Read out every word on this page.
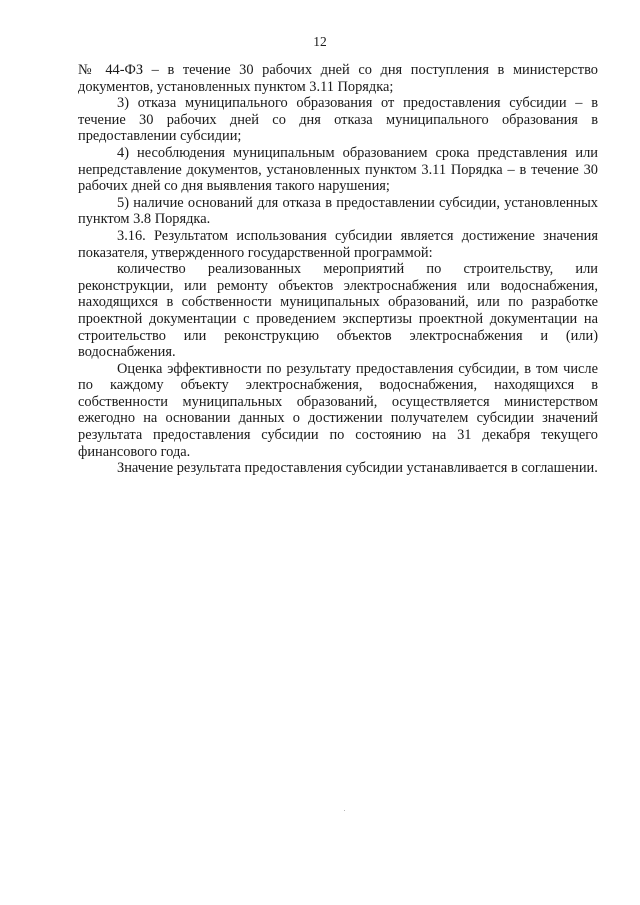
12

№ 44-ФЗ – в течение 30 рабочих дней со дня поступления в министерство документов, установленных пунктом 3.11 Порядка;

3) отказа муниципального образования от предоставления субсидии – в течение 30 рабочих дней со дня отказа муниципального образования в предоставлении субсидии;

4) несоблюдения муниципальным образованием срока представления или непредставление документов, установленных пунктом 3.11 Порядка – в течение 30 рабочих дней со дня выявления такого нарушения;

5) наличие оснований для отказа в предоставлении субсидии, установленных пунктом 3.8 Порядка.

3.16. Результатом использования субсидии является достижение значения показателя, утвержденного государственной программой:

количество реализованных мероприятий по строительству, или реконструкции, или ремонту объектов электроснабжения или водоснабжения, находящихся в собственности муниципальных образований, или по разработке проектной документации с проведением экспертизы проектной документации на строительство или реконструкцию объектов электроснабжения и (или) водоснабжения.

Оценка эффективности по результату предоставления субсидии, в том числе по каждому объекту электроснабжения, водоснабжения, находящихся в собственности муниципальных образований, осуществляется министерством ежегодно на основании данных о достижении получателем субсидии значений результата предоставления субсидии по состоянию на 31 декабря текущего финансового года.

Значение результата предоставления субсидии устанавливается в соглашении.
